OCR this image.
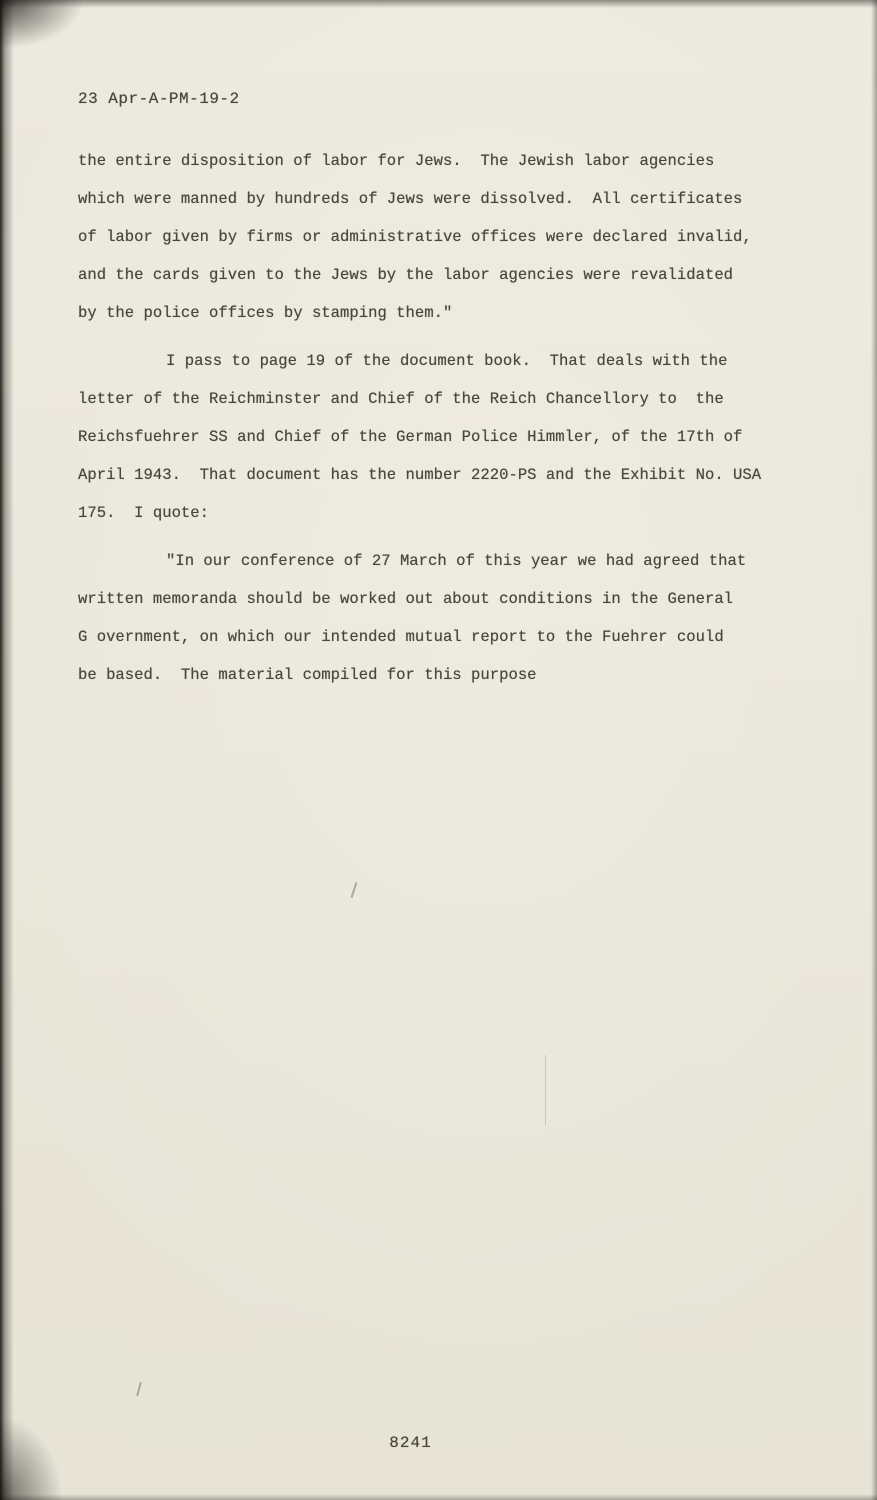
23 Apr-A-PM-19-2
the entire disposition of labor for Jews.  The Jewish labor agencies
which were manned by hundreds of Jews were dissolved.  All certificates
of labor given by firms or administrative offices were declared invalid,
and the cards given to the Jews by the labor agencies were revalidated
by the police offices by stamping them."
I pass to page 19 of the document book.  That deals with the
letter of the Reichminster and Chief of the Reich Chancellory to  the
Reichsfuehrer SS and Chief of the German Police Himmler, of the 17th of
April 1943.  That document has the number 2220-PS and the Exhibit No. USA
175.  I quote:
"In our conference of 27 March of this year we had agreed that
written memoranda should be worked out about conditions in the General
G overnment, on which our intended mutual report to the Fuehrer could
be based.  The material compiled for this purpose
8241
